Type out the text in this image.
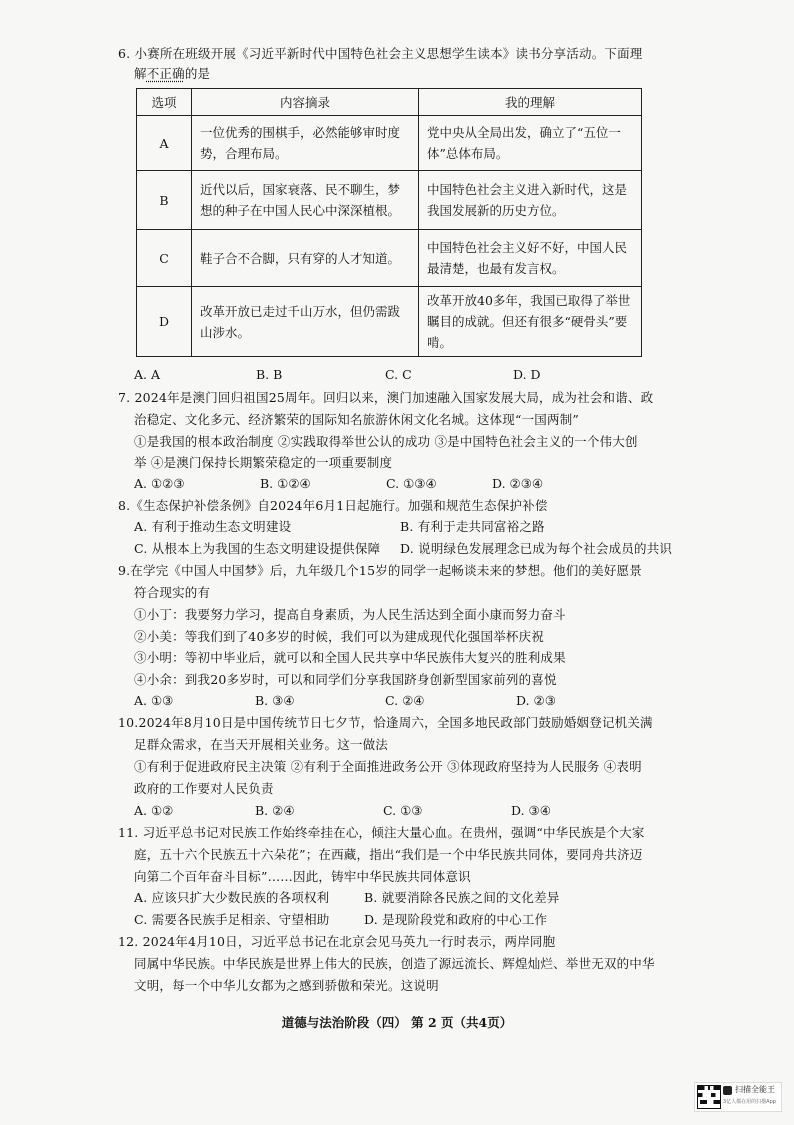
6. 小赛所在班级开展《习近平新时代中国特色社会主义思想学生读本》读书分享活动。下面理
解不正确的是
选项	内容摘录	我的理解
A	一位优秀的围棋手，必然能够审时度势，合理布局。	党中央从全局出发，确立了“五位一体”总体布局。
B	近代以后，国家衰落、民不聊生，梦想的种子在中国人民心中深深植根。	中国特色社会主义进入新时代，这是我国发展新的历史方位。
C	鞋子合不合脚，只有穿的人才知道。	中国特色社会主义好不好，中国人民最清楚，也最有发言权。
D	改革开放已走过千山万水，但仍需跋山涉水。	改革开放40多年，我国已取得了举世瞩目的成就。但还有很多“硬骨头”要啃。
A. A	B. B	C. C	D. D
7. 2024年是澳门回归祖国25周年。回归以来，澳门加速融入国家发展大局，成为社会和谐、政
治稳定、文化多元、经济繁荣的国际知名旅游休闲文化名城。这体现“一国两制”
①是我国的根本政治制度 ②实践取得举世公认的成功 ③是中国特色社会主义的一个伟大创
举 ④是澳门保持长期繁荣稳定的一项重要制度
A. ①②③	B. ①②④	C. ①③④	D. ②③④
8.《生态保护补偿条例》自2024年6月1日起施行。加强和规范生态保护补偿
A. 有利于推动生态文明建设	B. 有利于走共同富裕之路
C. 从根本上为我国的生态文明建设提供保障 D. 说明绿色发展理念已成为每个社会成员的共识
9.在学完《中国人中国梦》后，九年级几个15岁的同学一起畅谈未来的梦想。他们的美好愿景
符合现实的有
①小丁：我要努力学习，提高自身素质，为人民生活达到全面小康而努力奋斗
②小美：等我们到了40多岁的时候，我们可以为建成现代化强国举杯庆祝
③小明：等初中毕业后，就可以和全国人民共享中华民族伟大复兴的胜利成果
④小余：到我20多岁时，可以和同学们分享我国跻身创新型国家前列的喜悦
A. ①③	B. ③④	C. ②④	D. ②③
10.2024年8月10日是中国传统节日七夕节，恰逢周六，全国多地民政部门鼓励婚姻登记机关满
足群众需求，在当天开展相关业务。这一做法
①有利于促进政府民主决策 ②有利于全面推进政务公开 ③体现政府坚持为人民服务 ④表明
政府的工作要对人民负责
A. ①②	B. ②④	C. ①③	D. ③④
11. 习近平总书记对民族工作始终牵挂在心，倾注大量心血。在贵州，强调“中华民族是个大家
庭，五十六个民族五十六朵花”；在西藏，指出“我们是一个中华民族共同体，要同舟共济迈
向第二个百年奋斗目标”……因此，铸牢中华民族共同体意识
A. 应该只扩大少数民族的各项权利	B. 就要消除各民族之间的文化差异
C. 需要各民族手足相亲、守望相助	D. 是现阶段党和政府的中心工作
12. 2024年4月10日，习近平总书记在北京会见马英九一行时表示，两岸同胞
同属中华民族。中华民族是世界上伟大的民族，创造了源远流长、辉煌灿烂、举世无双的中华
文明，每一个中华儿女都为之感到骄傲和荣光。这说明
道德与法治阶段（四） 第 2 页（共4页）
扫描全能王
3亿人都在用的扫描App
